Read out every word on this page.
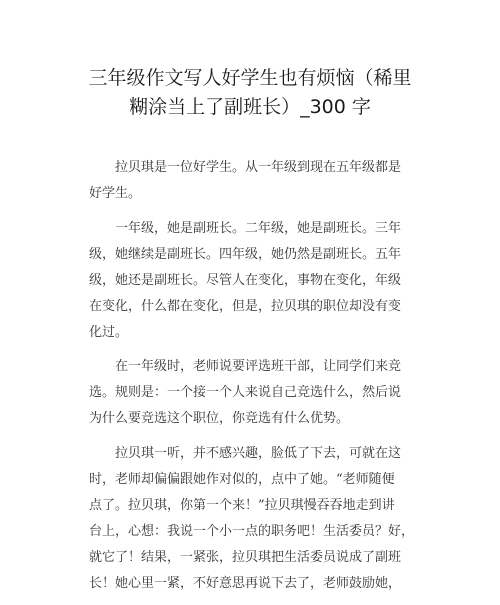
三年级作文写人好学生也有烦恼（稀里
糊涂当上了副班长）_300 字

　　拉贝琪是一位好学生。从一年级到现在五年级都是
好学生。

　　一年级，她是副班长。二年级，她是副班长。三年
级，她继续是副班长。四年级，她仍然是副班长。五年
级，她还是副班长。尽管人在变化，事物在变化，年级
在变化，什么都在变化，但是，拉贝琪的职位却没有变
化过。

　　在一年级时，老师说要评选班干部，让同学们来竞
选。规则是：一个接一个人来说自己竞选什么，然后说
为什么要竞选这个职位，你竞选有什么优势。

　　拉贝琪一听，并不感兴趣，脸低了下去，可就在这
时，老师却偏偏跟她作对似的，点中了她。“老师随便
点了。拉贝琪，你第一个来！”拉贝琪慢吞吞地走到讲
台上，心想：我说一个小一点的职务吧！生活委员？好，
就它了！结果，一紧张，拉贝琪把生活委员说成了副班
长！她心里一紧，不好意思再说下去了，老师鼓励她，
